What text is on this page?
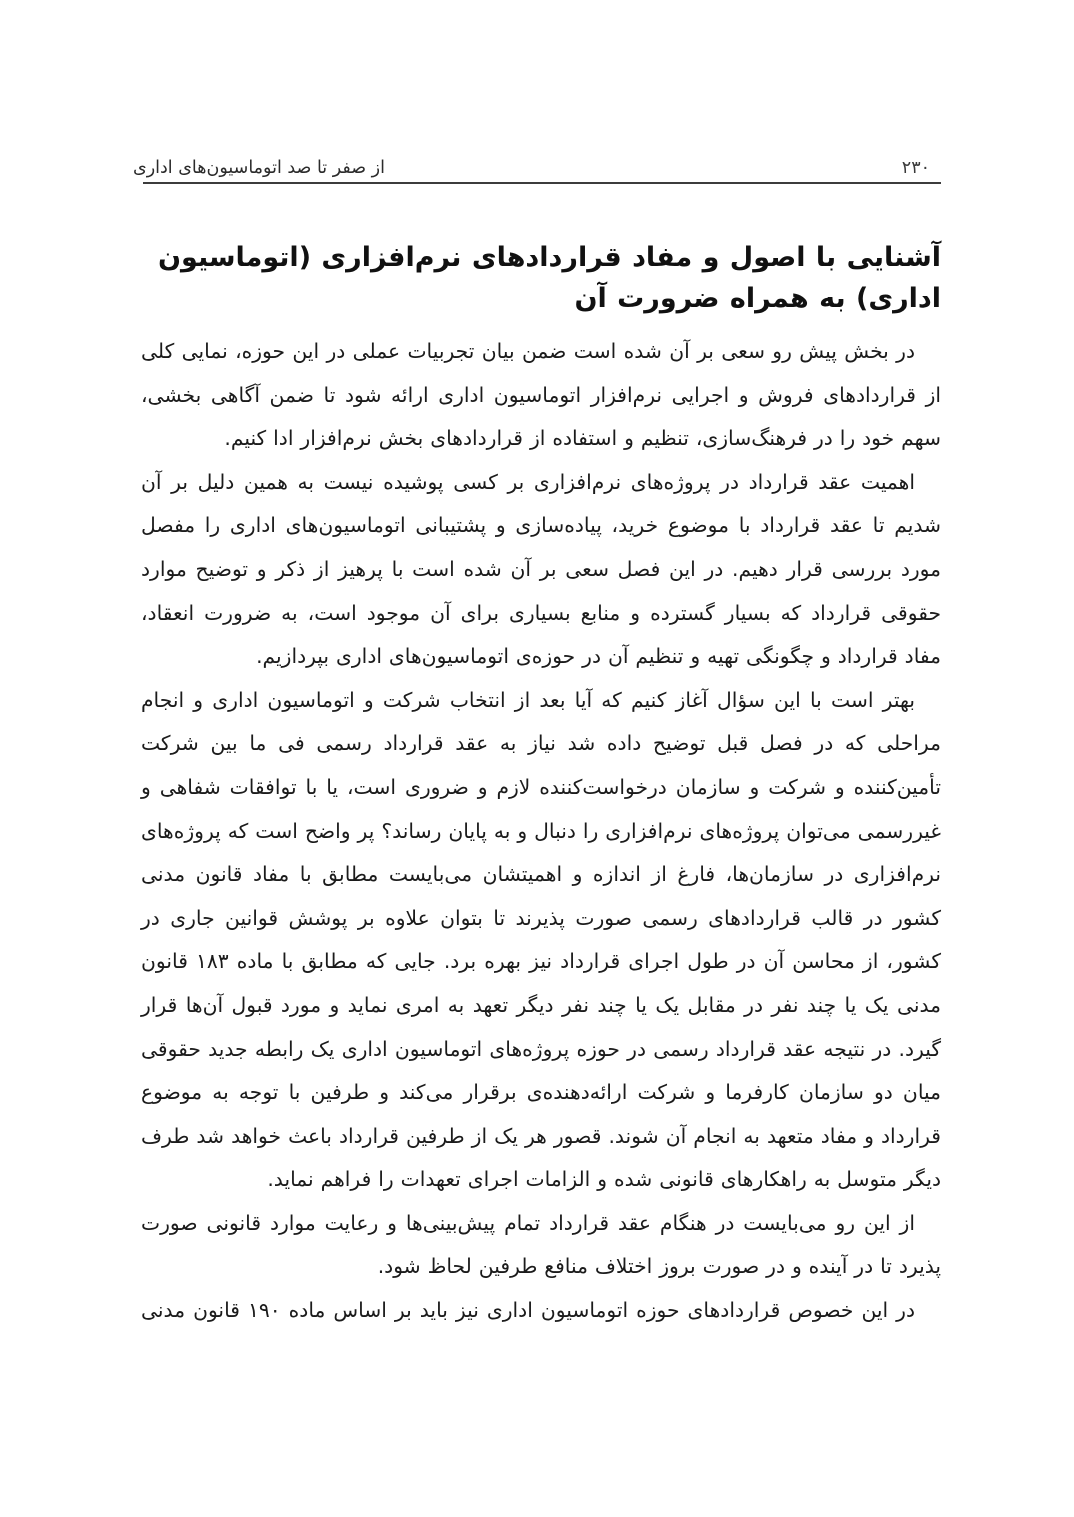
از صفر تا صد اتوماسیون‌های اداری	۲۳۰
آشنایی با اصول و مفاد قراردادهای نرم‌افزاری (اتوماسیون اداری) به همراه ضرورت آن

در بخش پیش رو سعی بر آن شده است ضمن بیان تجربیات عملی در این حوزه، نمایی کلی از قراردادهای فروش و اجرایی نرم‌افزار اتوماسیون اداری ارائه شود تا ضمن آگاهی بخشی، سهم خود را در فرهنگ‌سازی، تنظیم و استفاده از قراردادهای بخش نرم‌افزار ادا کنیم.

اهمیت عقد قرارداد در پروژه‌های نرم‌افزاری بر کسی پوشیده نیست به همین دلیل بر آن شدیم تا عقد قرارداد با موضوع خرید، پیاده‌سازی و پشتیبانی اتوماسیون‌های اداری را مفصل مورد بررسی قرار دهیم. در این فصل سعی بر آن شده است با پرهیز از ذکر و توضیح موارد حقوقی قرارداد که بسیار گسترده و منابع بسیاری برای آن موجود است، به ضرورت انعقاد، مفاد قرارداد و چگونگی تهیه و تنظیم آن در حوزه‌ی اتوماسیون‌های اداری بپردازیم.

بهتر است با این سؤال آغاز کنیم که آیا بعد از انتخاب شرکت و اتوماسیون اداری و انجام مراحلی که در فصل قبل توضیح داده شد نیاز به عقد قرارداد رسمی فی ما بین شرکت تأمین‌کننده و شرکت و سازمان درخواست‌کننده لازم و ضروری است، یا با توافقات شفاهی و غیررسمی می‌توان پروژه‌های نرم‌افزاری را دنبال و به پایان رساند؟ پر واضح است که پروژه‌های نرم‌افزاری در سازمان‌ها، فارغ از اندازه و اهمیتشان می‌بایست مطابق با مفاد قانون مدنی کشور در قالب قراردادهای رسمی صورت پذیرند تا بتوان علاوه بر پوشش قوانین جاری در کشور، از محاسن آن در طول اجرای قرارداد نیز بهره برد. جایی که مطابق با ماده ۱۸۳ قانون مدنی یک یا چند نفر در مقابل یک یا چند نفر دیگر تعهد به امری نماید و مورد قبول آن‌ها قرار گیرد. در نتیجه عقد قرارداد رسمی در حوزه پروژه‌های اتوماسیون اداری یک رابطه جدید حقوقی میان دو سازمان کارفرما و شرکت ارائه‌دهنده‌ی برقرار می‌کند و طرفین با توجه به موضوع قرارداد و مفاد متعهد به انجام آن شوند. قصور هر یک از طرفین قرارداد باعث خواهد شد طرف دیگر متوسل به راهکارهای قانونی شده و الزامات اجرای تعهدات را فراهم نماید.

از این رو می‌بایست در هنگام عقد قرارداد تمام پیش‌بینی‌ها و رعایت موارد قانونی صورت پذیرد تا در آینده و در صورت بروز اختلاف منافع طرفین لحاظ شود.

در این خصوص قراردادهای حوزه اتوماسیون اداری نیز باید بر اساس ماده ۱۹۰ قانون مدنی
